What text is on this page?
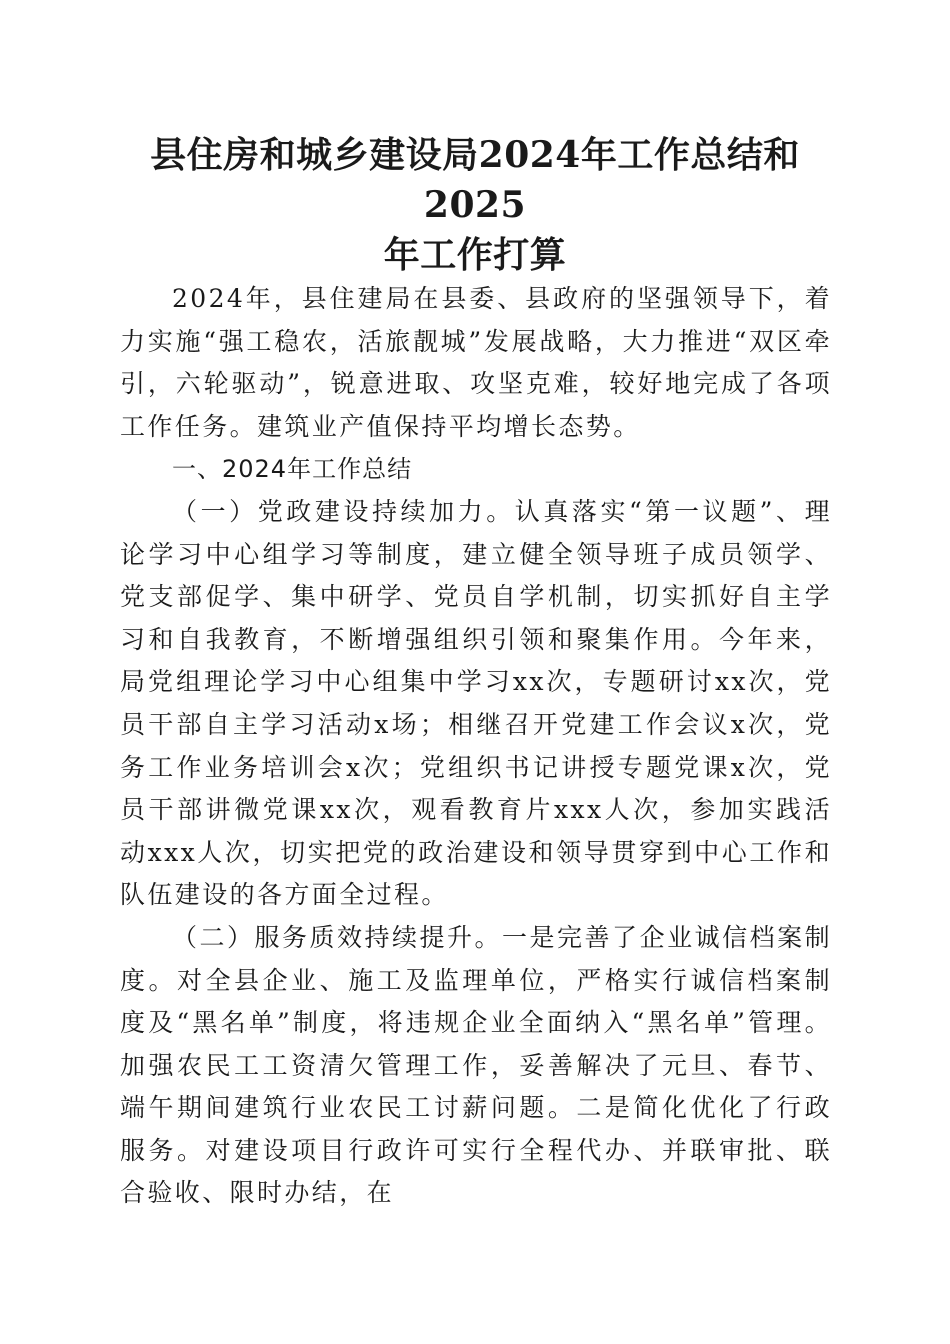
县住房和城乡建设局2024年工作总结和2025
年工作打算

2024年，县住建局在县委、县政府的坚强领导下，着力实施“强工稳农，活旅靓城”发展战略，大力推进“双区牵引，六轮驱动”，锐意进取、攻坚克难，较好地完成了各项工作任务。建筑业产值保持平均增长态势。

一、2024年工作总结

（一）党政建设持续加力。认真落实“第一议题”、理论学习中心组学习等制度，建立健全领导班子成员领学、党支部促学、集中研学、党员自学机制，切实抓好自主学习和自我教育，不断增强组织引领和聚集作用。今年来，局党组理论学习中心组集中学习xx次，专题研讨xx次，党员干部自主学习活动x场；相继召开党建工作会议x次，党务工作业务培训会x次；党组织书记讲授专题党课x次，党员干部讲微党课xx次，观看教育片xxx人次，参加实践活动xxx人次，切实把党的政治建设和领导贯穿到中心工作和队伍建设的各方面全过程。

（二）服务质效持续提升。一是完善了企业诚信档案制度。对全县企业、施工及监理单位，严格实行诚信档案制度及“黑名单”制度，将违规企业全面纳入“黑名单”管理。加强农民工工资清欠管理工作，妥善解决了元旦、春节、端午期间建筑行业农民工讨薪问题。二是简化优化了行政服务。对建设项目行政许可实行全程代办、并联审批、联合验收、限时办结，在
